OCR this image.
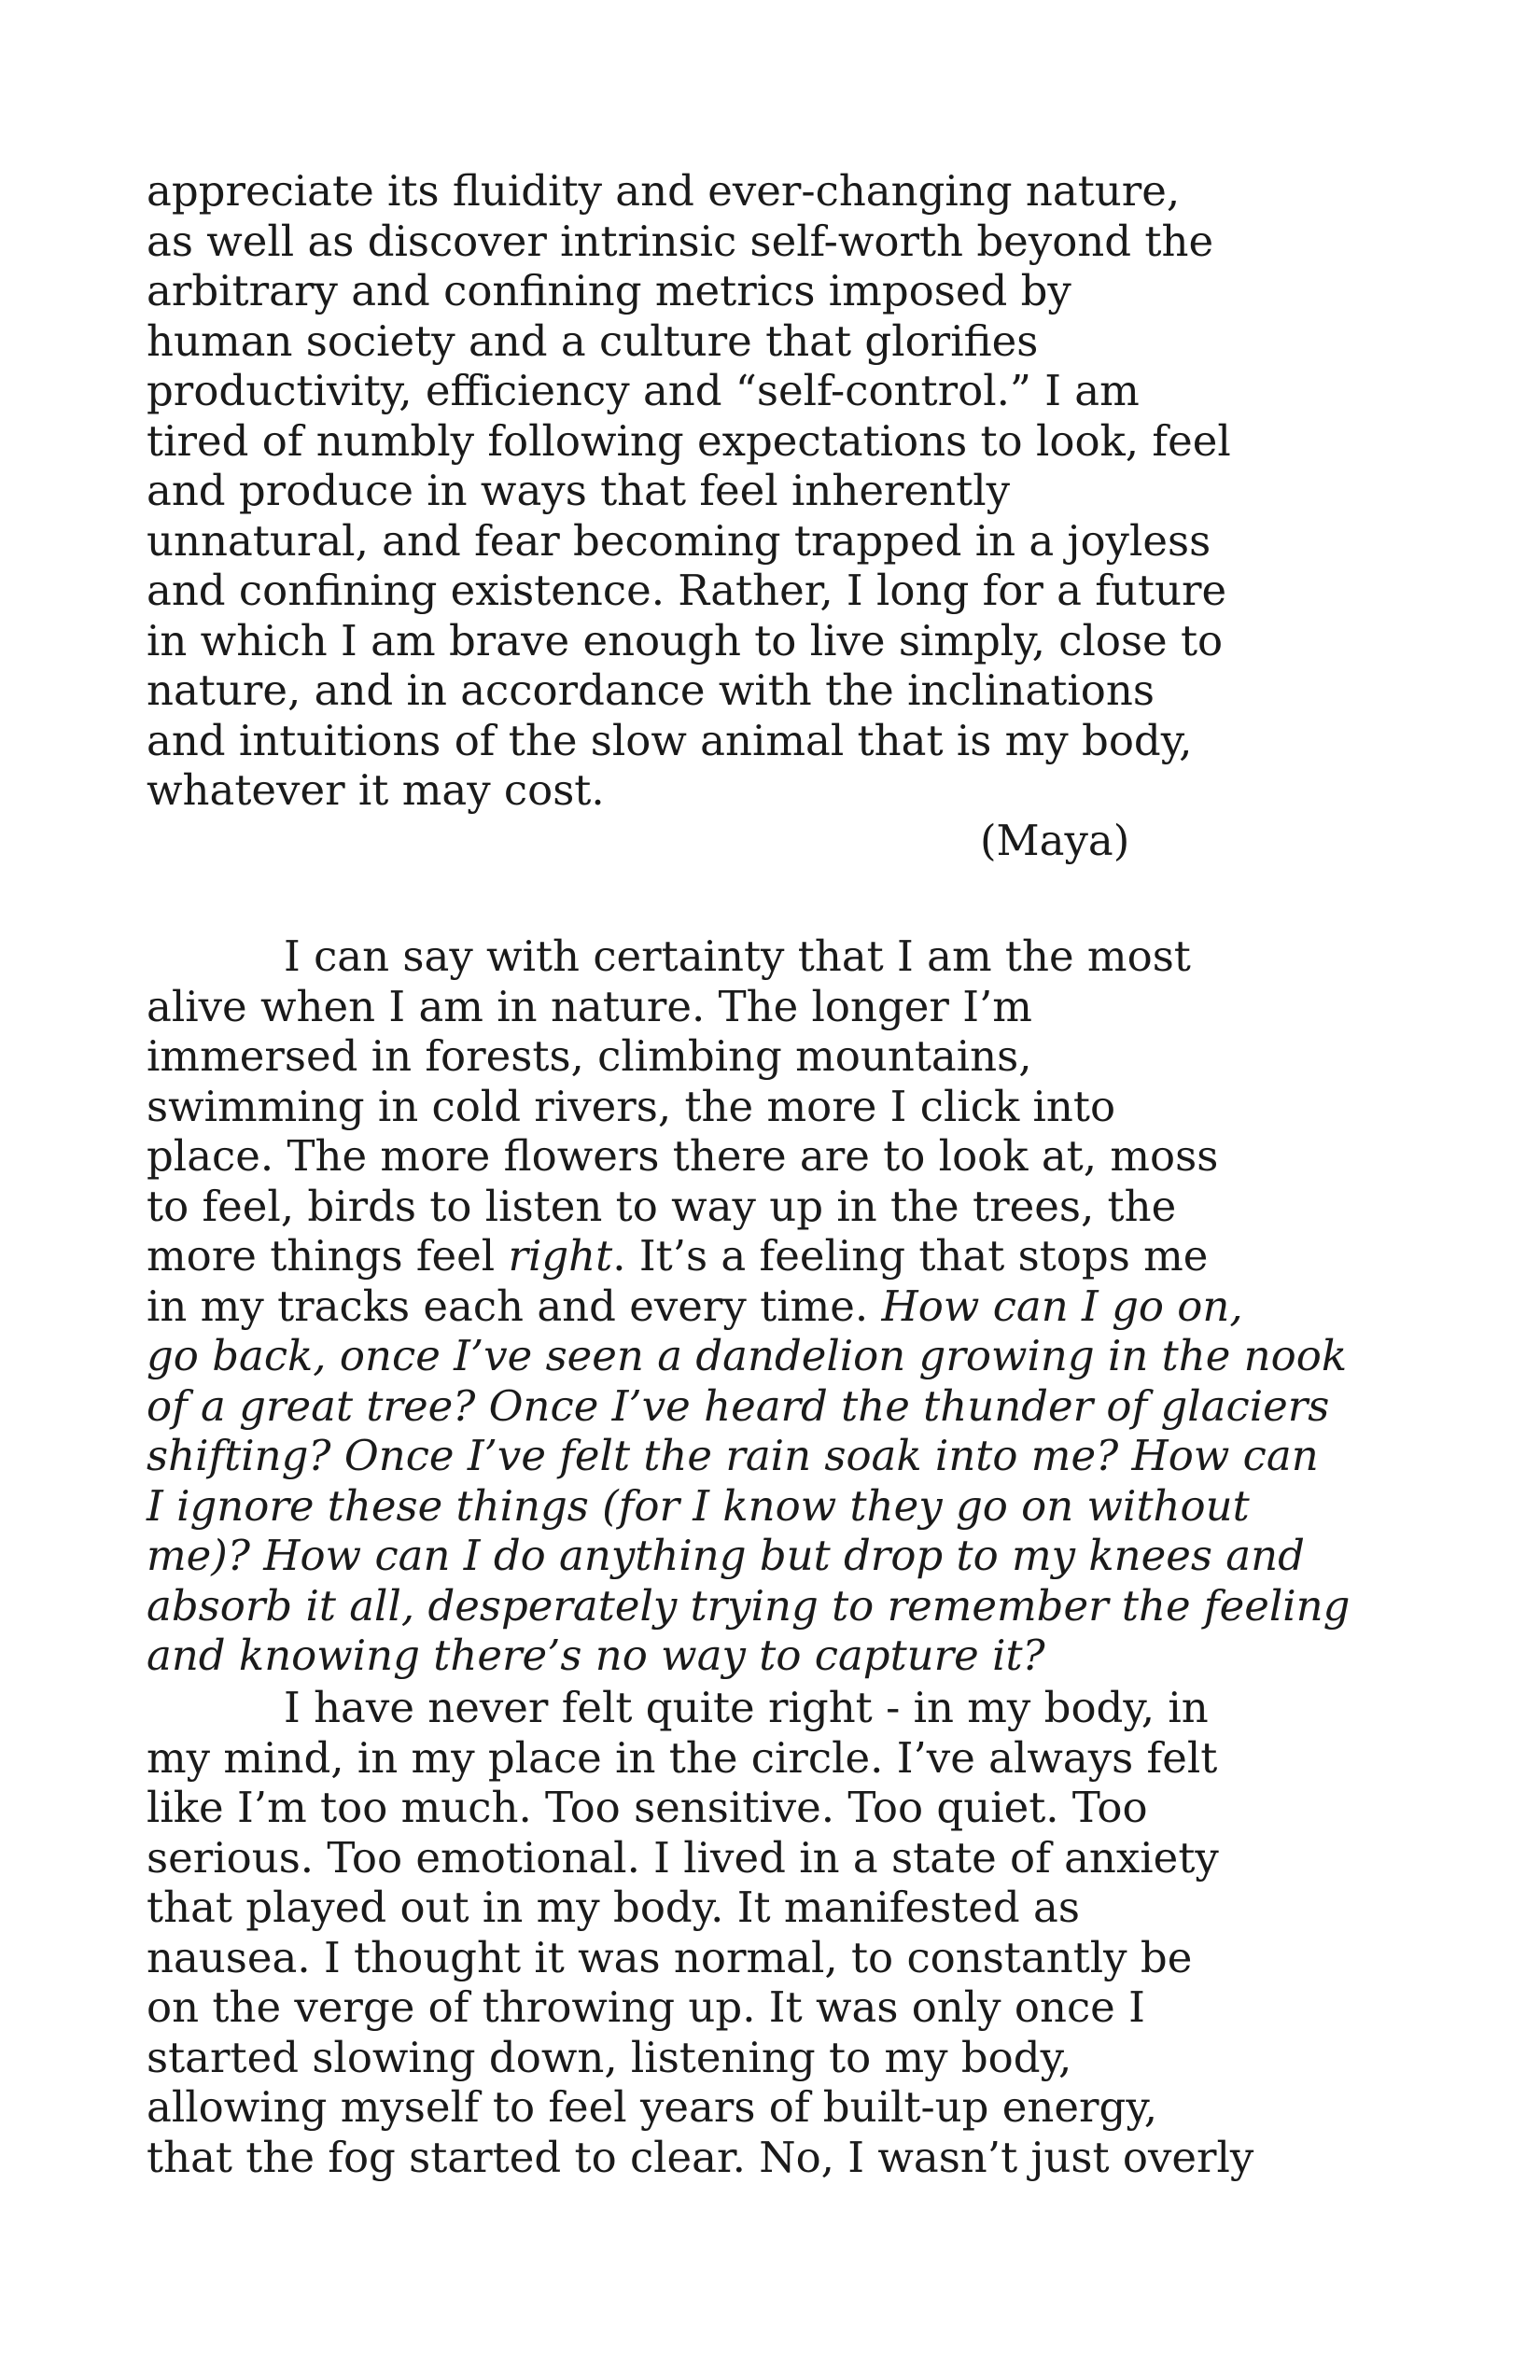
appreciate its fluidity and ever-changing nature,
as well as discover intrinsic self-worth beyond the
arbitrary and confining metrics imposed by
human society and a culture that glorifies
productivity, efficiency and “self-control.” I am
tired of numbly following expectations to look, feel
and produce in ways that feel inherently
unnatural, and fear becoming trapped in a joyless
and confining existence. Rather, I long for a future
in which I am brave enough to live simply, close to
nature, and in accordance with the inclinations
and intuitions of the slow animal that is my body,
whatever it may cost.
(Maya)
I can say with certainty that I am the most
alive when I am in nature. The longer I’m
immersed in forests, climbing mountains,
swimming in cold rivers, the more I click into
place. The more flowers there are to look at, moss
to feel, birds to listen to way up in the trees, the
more things feel right. It’s a feeling that stops me
in my tracks each and every time. How can I go on,
go back, once I’ve seen a dandelion growing in the nook
of a great tree? Once I’ve heard the thunder of glaciers
shifting? Once I’ve felt the rain soak into me? How can
I ignore these things (for I know they go on without
me)? How can I do anything but drop to my knees and
absorb it all, desperately trying to remember the feeling
and knowing there’s no way to capture it?
I have never felt quite right - in my body, in
my mind, in my place in the circle. I’ve always felt
like I’m too much. Too sensitive. Too quiet. Too
serious. Too emotional. I lived in a state of anxiety
that played out in my body. It manifested as
nausea. I thought it was normal, to constantly be
on the verge of throwing up. It was only once I
started slowing down, listening to my body,
allowing myself to feel years of built-up energy,
that the fog started to clear. No, I wasn’t just overly
